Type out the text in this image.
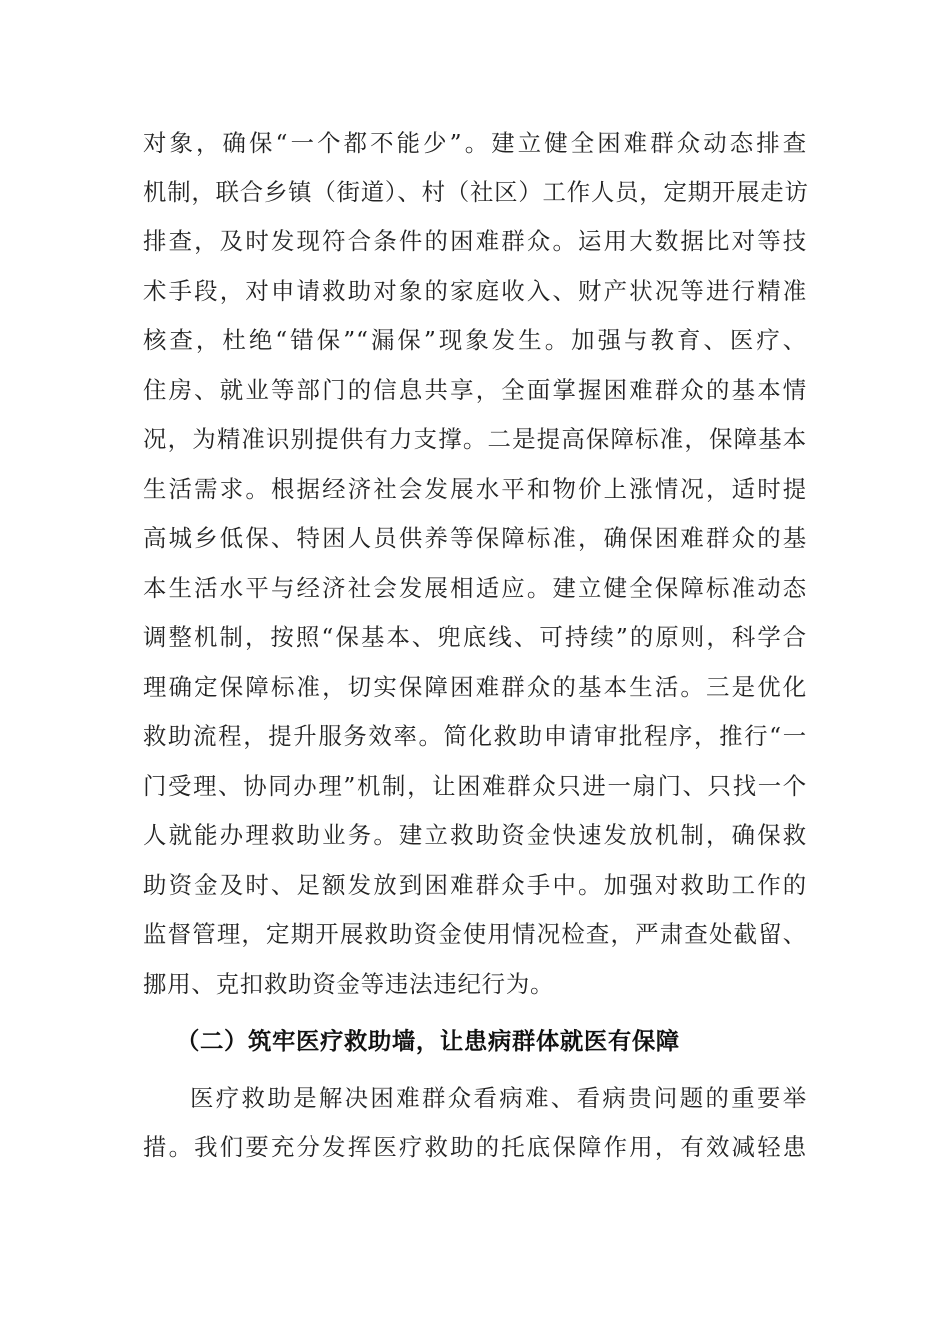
对象，确保“一个都不能少”。建立健全困难群众动态排查
机制，联合乡镇（街道）、村（社区）工作人员，定期开展走访
排查，及时发现符合条件的困难群众。运用大数据比对等技
术手段，对申请救助对象的家庭收入、财产状况等进行精准
核查，杜绝“错保”“漏保”现象发生。加强与教育、医疗、
住房、就业等部门的信息共享，全面掌握困难群众的基本情
况，为精准识别提供有力支撑。二是提高保障标准，保障基本
生活需求。根据经济社会发展水平和物价上涨情况，适时提
高城乡低保、特困人员供养等保障标准，确保困难群众的基
本生活水平与经济社会发展相适应。建立健全保障标准动态
调整机制，按照“保基本、兜底线、可持续”的原则，科学合
理确定保障标准，切实保障困难群众的基本生活。三是优化
救助流程，提升服务效率。简化救助申请审批程序，推行“一
门受理、协同办理”机制，让困难群众只进一扇门、只找一个
人就能办理救助业务。建立救助资金快速发放机制，确保救
助资金及时、足额发放到困难群众手中。加强对救助工作的
监督管理，定期开展救助资金使用情况检查，严肃查处截留、
挪用、克扣救助资金等违法违纪行为。
（二）筑牢医疗救助墙，让患病群体就医有保障
医疗救助是解决困难群众看病难、看病贵问题的重要举
措。我们要充分发挥医疗救助的托底保障作用，有效减轻患
